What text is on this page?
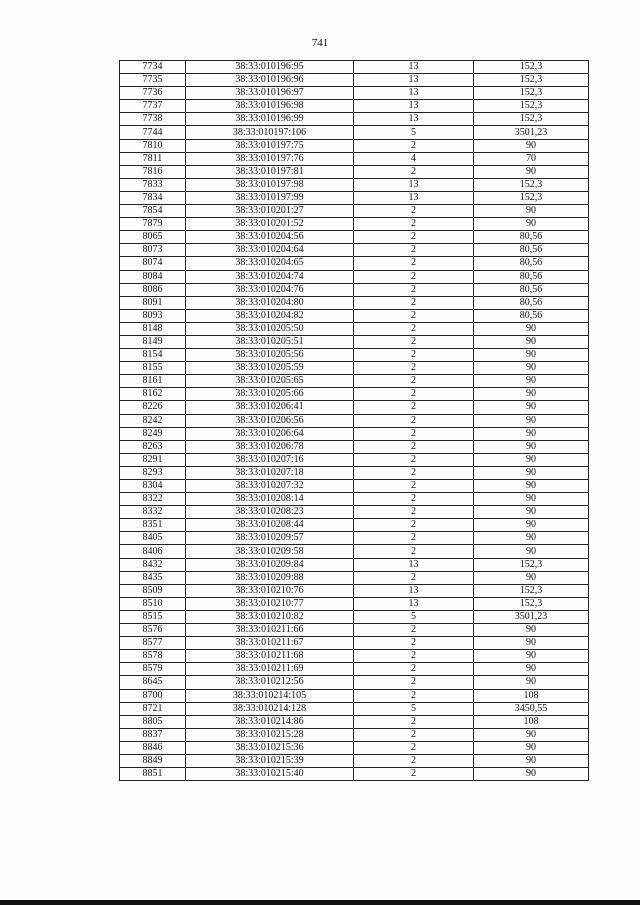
741
7734	38:33:010196:95	13	152,3
7735	38:33:010196:96	13	152,3
7736	38:33:010196:97	13	152,3
7737	38:33:010196:98	13	152,3
7738	38:33:010196:99	13	152,3
7744	38:33:010197:106	5	3501,23
7810	38:33:010197:75	2	90
7811	38:33:010197:76	4	70
7816	38:33:010197:81	2	90
7833	38:33:010197:98	13	152,3
7834	38:33:010197:99	13	152,3
7854	38:33:010201:27	2	90
7879	38:33:010201:52	2	90
8065	38:33:010204:56	2	80,56
8073	38:33:010204:64	2	80,56
8074	38:33:010204:65	2	80,56
8084	38:33:010204:74	2	80,56
8086	38:33:010204:76	2	80,56
8091	38:33:010204:80	2	80,56
8093	38:33:010204:82	2	80,56
8148	38:33:010205:50	2	90
8149	38:33:010205:51	2	90
8154	38:33:010205:56	2	90
8155	38:33:010205:59	2	90
8161	38:33:010205:65	2	90
8162	38:33:010205:66	2	90
8226	38:33:010206:41	2	90
8242	38:33:010206:56	2	90
8249	38:33:010206:64	2	90
8263	38:33:010206:78	2	90
8291	38:33:010207:16	2	90
8293	38:33:010207:18	2	90
8304	38:33:010207:32	2	90
8322	38:33:010208:14	2	90
8332	38:33:010208:23	2	90
8351	38:33:010208:44	2	90
8405	38:33:010209:57	2	90
8406	38:33:010209:58	2	90
8432	38:33:010209:84	13	152,3
8435	38:33:010209:88	2	90
8509	38:33:010210:76	13	152,3
8510	38:33:010210:77	13	152,3
8515	38:33:010210:82	5	3501,23
8576	38:33:010211:66	2	90
8577	38:33:010211:67	2	90
8578	38:33:010211:68	2	90
8579	38:33:010211:69	2	90
8645	38:33:010212:56	2	90
8700	38:33:010214:105	2	108
8721	38:33:010214:128	5	3450,55
8805	38:33:010214:86	2	108
8837	38:33:010215:28	2	90
8846	38:33:010215:36	2	90
8849	38:33:010215:39	2	90
8851	38:33:010215:40	2	90
